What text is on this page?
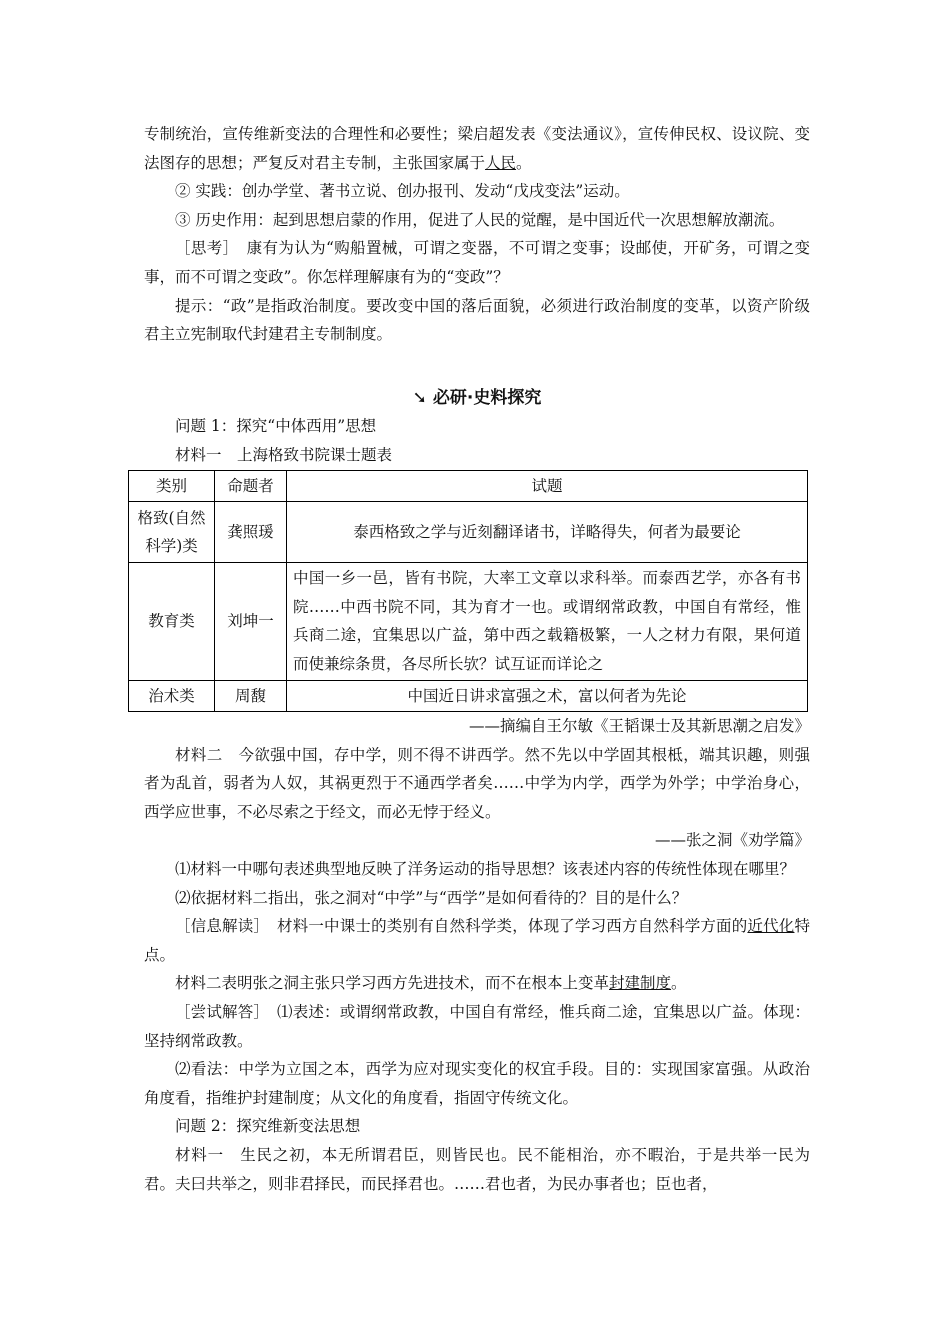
专制统治，宣传维新变法的合理性和必要性；梁启超发表《变法通议》，宣传伸民权、设议院、变法图存的思想；严复反对君主专制，主张国家属于人民。

② 实践：创办学堂、著书立说、创办报刊、发动“戊戌变法”运动。

③ 历史作用：起到思想启蒙的作用，促进了人民的觉醒，是中国近代一次思想解放潮流。

［思考］　康有为认为“购船置械，可谓之变器，不可谓之变事；设邮使，开矿务，可谓之变事，而不可谓之变政”。你怎样理解康有为的“变政”？

提示：“政”是指政治制度。要改变中国的落后面貌，必须进行政治制度的变革，以资产阶级君主立宪制取代封建君主专制制度。

➘ 必研·史料探究

问题 1：探究“中体西用”思想

材料一　上海格致书院课士题表

类别	命题者	试题
格致(自然科学)类	龚照瑗	泰西格致之学与近刻翻译诸书，详略得失，何者为最要论
教育类	刘坤一	中国一乡一邑，皆有书院，大率工文章以求科举。而泰西艺学，亦各有书院……中西书院不同，其为育才一也。或谓纲常政教，中国自有常经，惟兵商二途，宜集思以广益，第中西之载籍极繁，一人之材力有限，果何道而使兼综条贯，各尽所长欤？试互证而详论之
治术类	周馥	中国近日讲求富强之术，富以何者为先论

——摘编自王尔敏《王韬课士及其新思潮之启发》

材料二　今欲强中国，存中学，则不得不讲西学。然不先以中学固其根柢，端其识趣，则强者为乱首，弱者为人奴，其祸更烈于不通西学者矣……中学为内学，西学为外学；中学治身心，西学应世事，不必尽索之于经文，而必无悖于经义。

——张之洞《劝学篇》

⑴材料一中哪句表述典型地反映了洋务运动的指导思想？该表述内容的传统性体现在哪里？

⑵依据材料二指出，张之洞对“中学”与“西学”是如何看待的？目的是什么？

［信息解读］　材料一中课士的类别有自然科学类，体现了学习西方自然科学方面的近代化特点。

材料二表明张之洞主张只学习西方先进技术，而不在根本上变革封建制度。

［尝试解答］　⑴表述：或谓纲常政教，中国自有常经，惟兵商二途，宜集思以广益。体现：坚持纲常政教。

⑵看法：中学为立国之本，西学为应对现实变化的权宜手段。目的：实现国家富强。从政治角度看，指维护封建制度；从文化的角度看，指固守传统文化。

问题 2：探究维新变法思想

材料一　生民之初，本无所谓君臣，则皆民也。民不能相治，亦不暇治，于是共举一民为君。夫曰共举之，则非君择民，而民择君也。……君也者，为民办事者也；臣也者，
